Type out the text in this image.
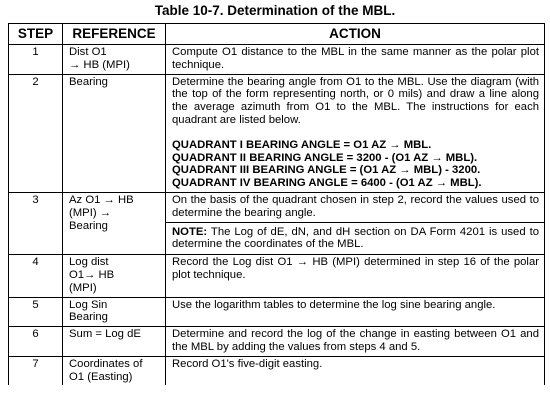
Table 10-7. Determination of the MBL.
STEP	REFERENCE	ACTION
1	Dist O1
→ HB (MPI)	Compute O1 distance to the MBL in the same manner as the polar plot technique.
2	Bearing	Determine the bearing angle from O1 to the MBL. Use the diagram (with the top of the form representing north, or 0 mils) and draw a line along the average azimuth from O1 to the MBL. The instructions for each quadrant are listed below.
QUADRANT I BEARING ANGLE = O1 AZ → MBL.
QUADRANT II BEARING ANGLE = 3200 - (O1 AZ → MBL).
QUADRANT III BEARING ANGLE = (O1 AZ → MBL) - 3200.
QUADRANT IV BEARING ANGLE = 6400 - (O1 AZ → MBL).

3	Az O1 → HB
(MPI) →
Bearing	On the basis of the quadrant chosen in step 2, record the values used to determine the bearing angle.
		NOTE: The Log of dE, dN, and dH section on DA Form 4201 is used to determine the coordinates of the MBL.
4	Log dist
O1→ HB
(MPI)	Record the Log dist O1 → HB (MPI) determined in step 16 of the polar plot technique.
5	Log Sin
Bearing	Use the logarithm tables to determine the log sine bearing angle.
6	Sum = Log dE	Determine and record the log of the change in easting between O1 and the MBL by adding the values from steps 4 and 5.
7	Coordinates of
O1 (Easting)	Record O1's five-digit easting.
